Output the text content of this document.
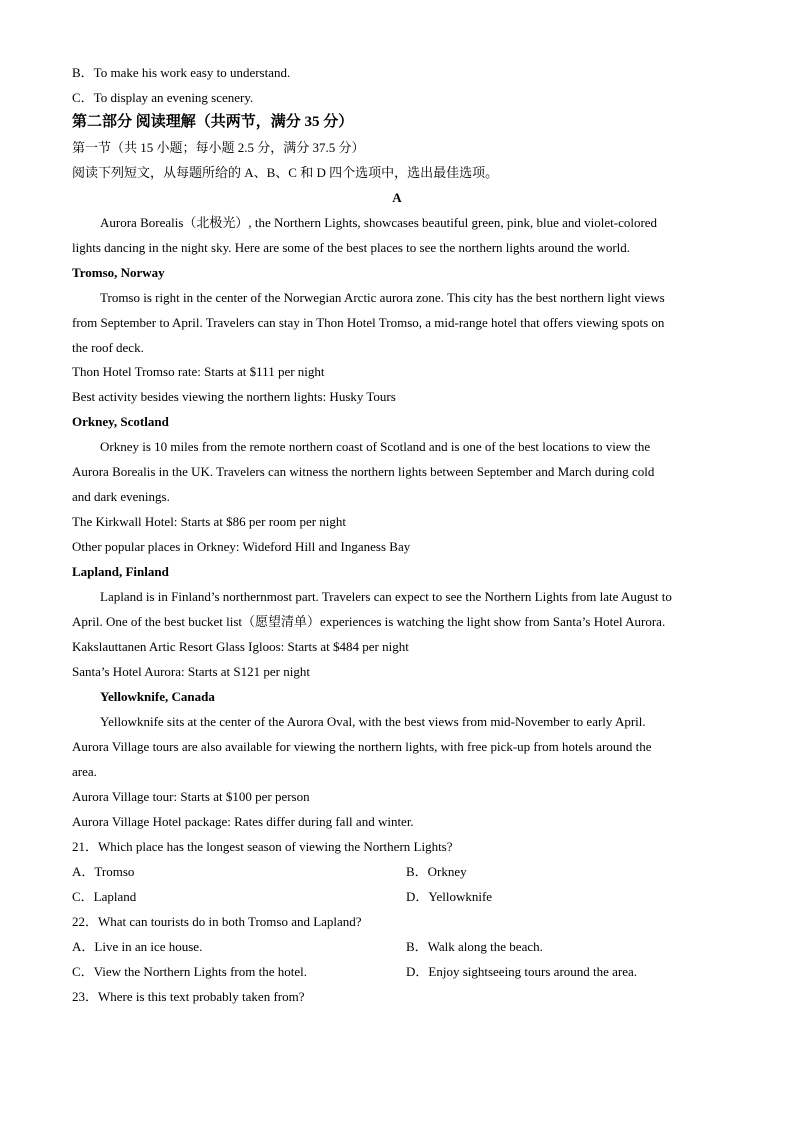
B．To make his work easy to understand.
C．To display an evening scenery.
第二部分 阅读理解（共两节，满分 35 分）
第一节（共 15 小题；每小题 2.5 分，满分 37.5 分）
阅读下列短文，从每题所给的 A、B、C 和 D 四个选项中，选出最佳选项。
A
Aurora Borealis（北极光）, the Northern Lights, showcases beautiful green, pink, blue and violet-colored
lights dancing in the night sky. Here are some of the best places to see the northern lights around the world.
Tromso, Norway
Tromso is right in the center of the Norwegian Arctic aurora zone. This city has the best northern light views
from September to April. Travelers can stay in Thon Hotel Tromso, a mid-range hotel that offers viewing spots on
the roof deck.
Thon Hotel Tromso rate: Starts at $111 per night
Best activity besides viewing the northern lights: Husky Tours
Orkney, Scotland
Orkney is 10 miles from the remote northern coast of Scotland and is one of the best locations to view the
Aurora Borealis in the UK. Travelers can witness the northern lights between September and March during cold
and dark evenings.
The Kirkwall Hotel: Starts at $86 per room per night
Other popular places in Orkney: Wideford Hill and Inganess Bay
Lapland, Finland
Lapland is in Finland’s northernmost part. Travelers can expect to see the Northern Lights from late August to
April. One of the best bucket list（愿望清单）experiences is watching the light show from Santa’s Hotel Aurora.
Kakslauttanen Artic Resort Glass Igloos: Starts at $484 per night
Santa’s Hotel Aurora: Starts at S121 per night
Yellowknife, Canada
Yellowknife sits at the center of the Aurora Oval, with the best views from mid-November to early April.
Aurora Village tours are also available for viewing the northern lights, with free pick-up from hotels around the
area.
Aurora Village tour: Starts at $100 per person
Aurora Village Hotel package: Rates differ during fall and winter.
21．Which place has the longest season of viewing the Northern Lights?
A．Tromso	B．Orkney
C．Lapland	D．Yellowknife
22．What can tourists do in both Tromso and Lapland?
A．Live in an ice house.	B．Walk along the beach.
C．View the Northern Lights from the hotel.	D．Enjoy sightseeing tours around the area.
23．Where is this text probably taken from?
